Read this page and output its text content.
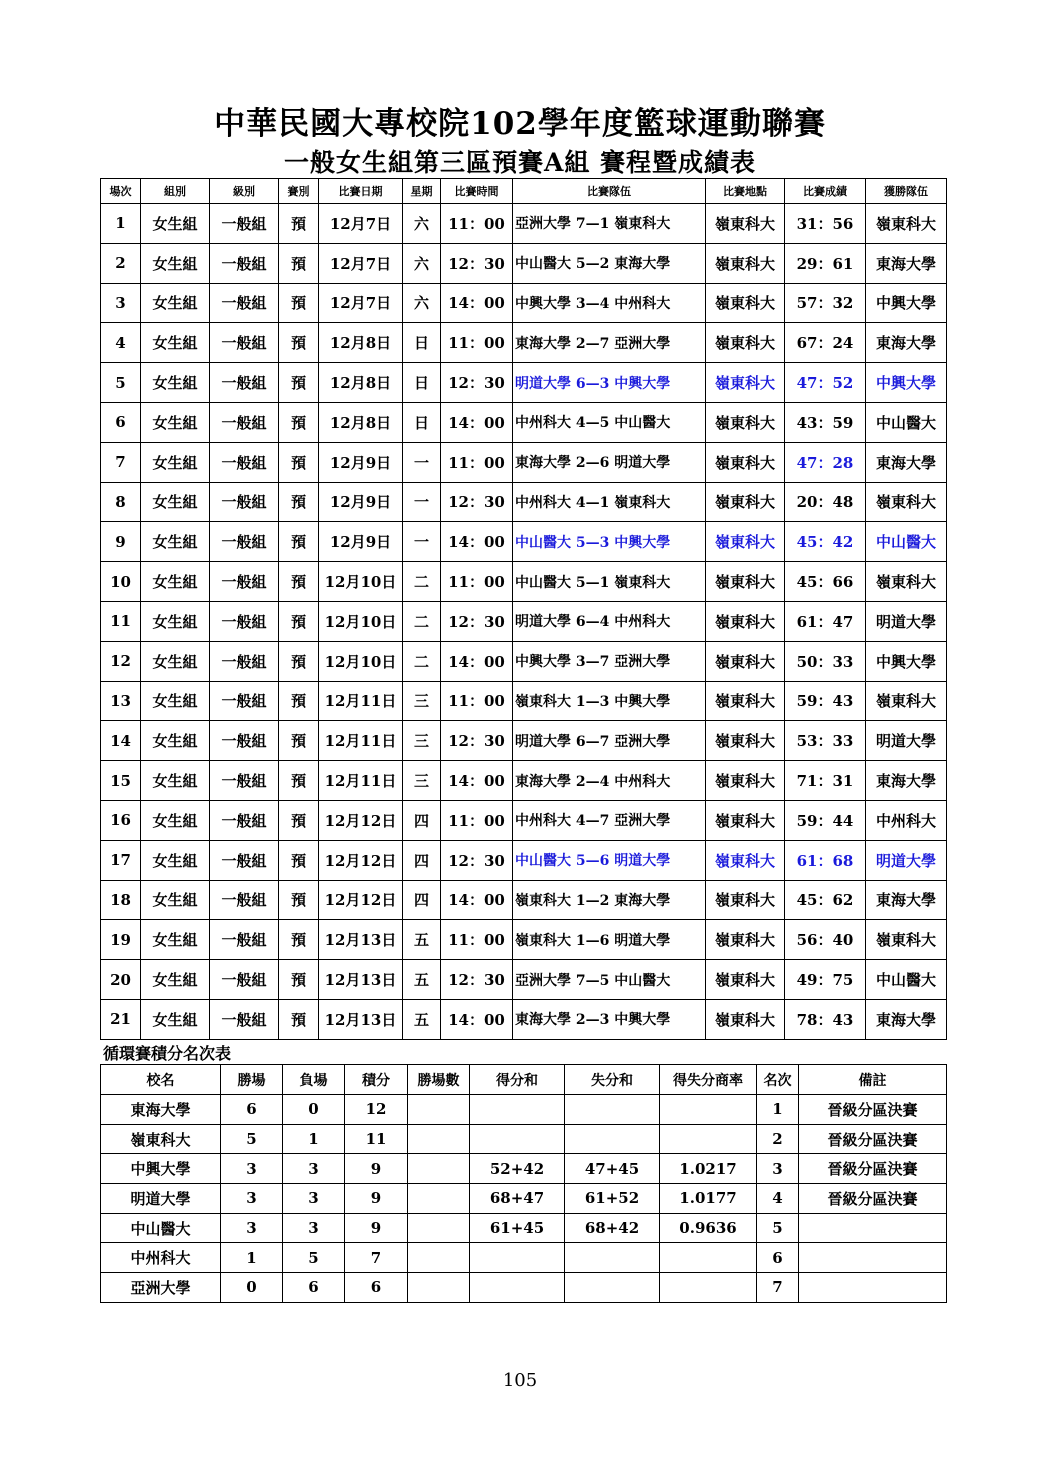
中華民國大專校院102學年度籃球運動聯賽
一般女生組第三區預賽A組 賽程暨成績表
場次	組別	級別	賽別	比賽日期	星期	比賽時間	比賽隊伍	比賽地點	比賽成績	獲勝隊伍
1	女生組	一般組	預	12月7日	六	11：00	亞洲大學 7—1 嶺東科大	嶺東科大	31：56	嶺東科大
2	女生組	一般組	預	12月7日	六	12：30	中山醫大 5—2 東海大學	嶺東科大	29：61	東海大學
3	女生組	一般組	預	12月7日	六	14：00	中興大學 3—4 中州科大	嶺東科大	57：32	中興大學
4	女生組	一般組	預	12月8日	日	11：00	東海大學 2—7 亞洲大學	嶺東科大	67：24	東海大學
5	女生組	一般組	預	12月8日	日	12：30	明道大學 6—3 中興大學	嶺東科大	47：52	中興大學
6	女生組	一般組	預	12月8日	日	14：00	中州科大 4—5 中山醫大	嶺東科大	43：59	中山醫大
7	女生組	一般組	預	12月9日	一	11：00	東海大學 2—6 明道大學	嶺東科大	47：28	東海大學
8	女生組	一般組	預	12月9日	一	12：30	中州科大 4—1 嶺東科大	嶺東科大	20：48	嶺東科大
9	女生組	一般組	預	12月9日	一	14：00	中山醫大 5—3 中興大學	嶺東科大	45：42	中山醫大
10	女生組	一般組	預	12月10日	二	11：00	中山醫大 5—1 嶺東科大	嶺東科大	45：66	嶺東科大
11	女生組	一般組	預	12月10日	二	12：30	明道大學 6—4 中州科大	嶺東科大	61：47	明道大學
12	女生組	一般組	預	12月10日	二	14：00	中興大學 3—7 亞洲大學	嶺東科大	50：33	中興大學
13	女生組	一般組	預	12月11日	三	11：00	嶺東科大 1—3 中興大學	嶺東科大	59：43	嶺東科大
14	女生組	一般組	預	12月11日	三	12：30	明道大學 6—7 亞洲大學	嶺東科大	53：33	明道大學
15	女生組	一般組	預	12月11日	三	14：00	東海大學 2—4 中州科大	嶺東科大	71：31	東海大學
16	女生組	一般組	預	12月12日	四	11：00	中州科大 4—7 亞洲大學	嶺東科大	59：44	中州科大
17	女生組	一般組	預	12月12日	四	12：30	中山醫大 5—6 明道大學	嶺東科大	61：68	明道大學
18	女生組	一般組	預	12月12日	四	14：00	嶺東科大 1—2 東海大學	嶺東科大	45：62	東海大學
19	女生組	一般組	預	12月13日	五	11：00	嶺東科大 1—6 明道大學	嶺東科大	56：40	嶺東科大
20	女生組	一般組	預	12月13日	五	12：30	亞洲大學 7—5 中山醫大	嶺東科大	49：75	中山醫大
21	女生組	一般組	預	12月13日	五	14：00	東海大學 2—3 中興大學	嶺東科大	78：43	東海大學
循環賽積分名次表
校名	勝場	負場	積分	勝場數	得分和	失分和	得失分商率	名次	備註
東海大學	6	0	12					1	晉級分區決賽
嶺東科大	5	1	11					2	晉級分區決賽
中興大學	3	3	9		52+42	47+45	1.0217	3	晉級分區決賽
明道大學	3	3	9		68+47	61+52	1.0177	4	晉級分區決賽
中山醫大	3	3	9		61+45	68+42	0.9636	5	
中州科大	1	5	7					6	
亞洲大學	0	6	6					7	
105
